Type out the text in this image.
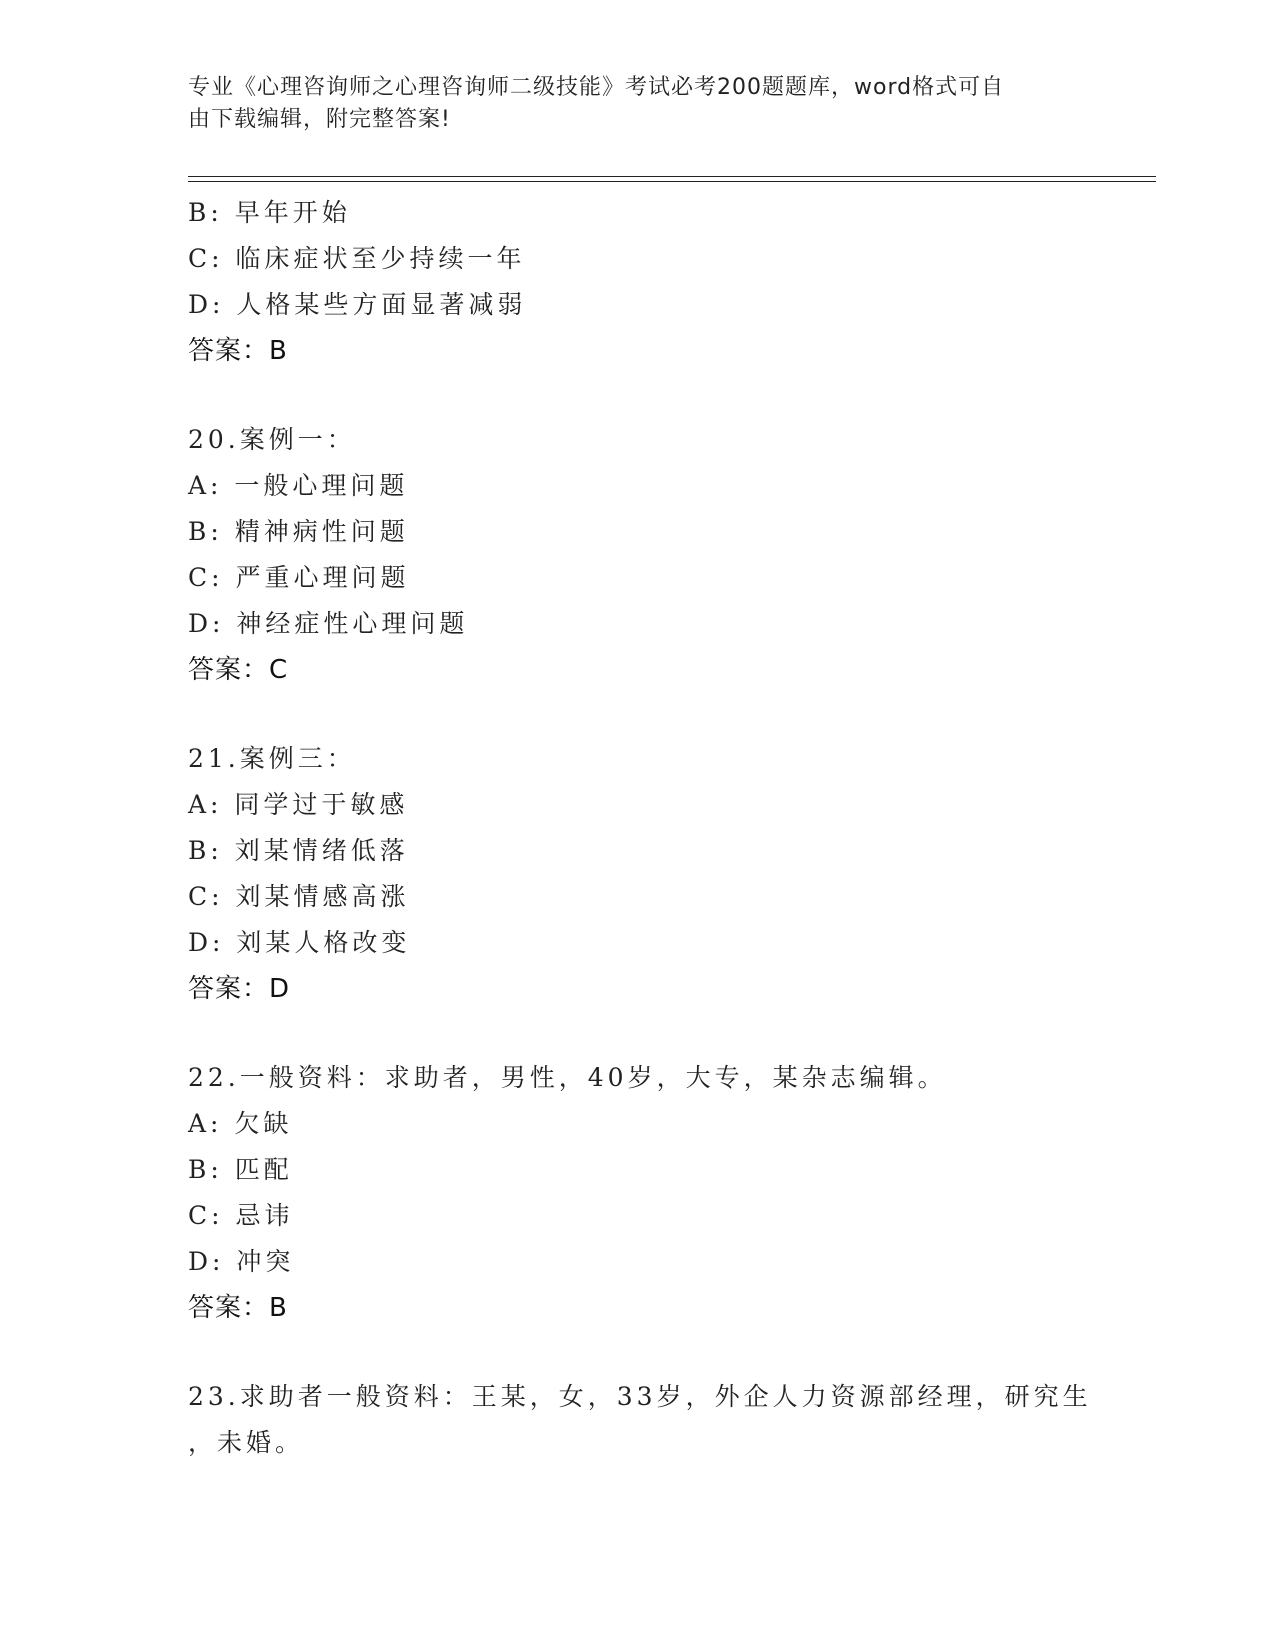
专业《心理咨询师之心理咨询师二级技能》考试必考200题题库，word格式可自
由下载编辑，附完整答案!
B: 早年开始
C: 临床症状至少持续一年
D: 人格某些方面显著减弱
答案：B
20.案例一：
A: 一般心理问题
B: 精神病性问题
C: 严重心理问题
D: 神经症性心理问题
答案：C
21.案例三：
A: 同学过于敏感
B: 刘某情绪低落
C: 刘某情感高涨
D: 刘某人格改变
答案：D
22.一般资料：求助者，男性，40岁，大专，某杂志编辑。
A: 欠缺
B: 匹配
C: 忌讳
D: 冲突
答案：B
23.求助者一般资料：王某，女，33岁，外企人力资源部经理，研究生
，未婚。
